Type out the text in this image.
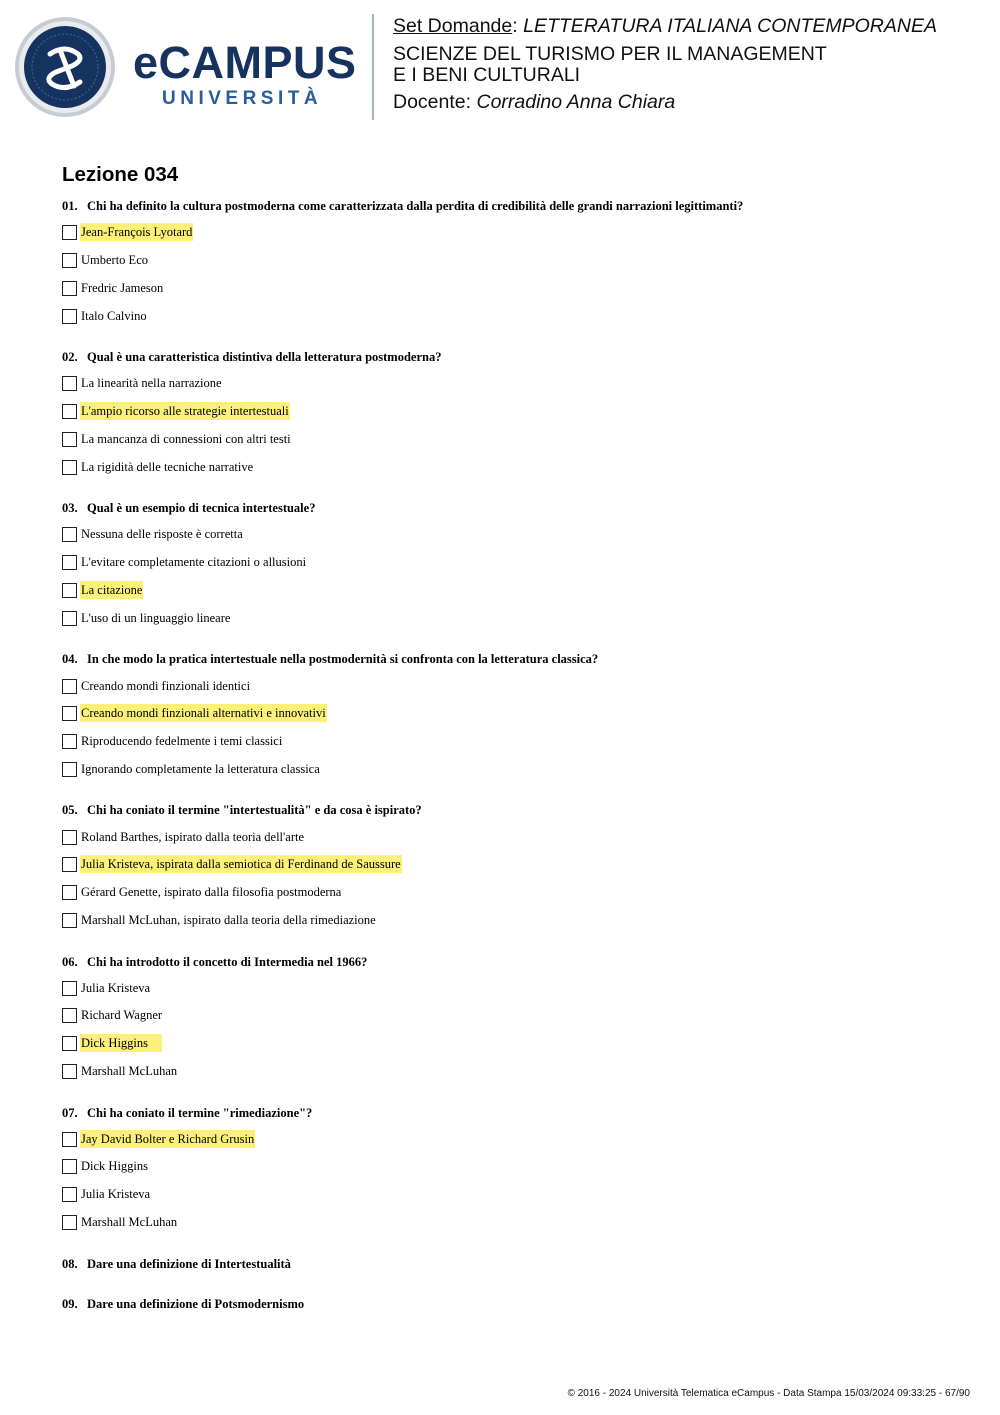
eCAMPUS
UNIVERSITÀ
Set Domande: LETTERATURA ITALIANA CONTEMPORANEA
SCIENZE DEL TURISMO PER IL MANAGEMENT
E I BENI CULTURALI
Docente: Corradino Anna Chiara
Lezione 034
01. Chi ha definito la cultura postmoderna come caratterizzata dalla perdita di credibilità delle grandi narrazioni legittimanti?
Jean-François Lyotard
Umberto Eco
Fredric Jameson
Italo Calvino
02. Qual è una caratteristica distintiva della letteratura postmoderna?
La linearità nella narrazione
L'ampio ricorso alle strategie intertestuali
La mancanza di connessioni con altri testi
La rigidità delle tecniche narrative
03. Qual è un esempio di tecnica intertestuale?
Nessuna delle risposte è corretta
L'evitare completamente citazioni o allusioni
La citazione
L'uso di un linguaggio lineare
04. In che modo la pratica intertestuale nella postmodernità si confronta con la letteratura classica?
Creando mondi finzionali identici
Creando mondi finzionali alternativi e innovativi
Riproducendo fedelmente i temi classici
Ignorando completamente la letteratura classica
05. Chi ha coniato il termine "intertestualità" e da cosa è ispirato?
Roland Barthes, ispirato dalla teoria dell'arte
Julia Kristeva, ispirata dalla semiotica di Ferdinand de Saussure
Gérard Genette, ispirato dalla filosofia postmoderna
Marshall McLuhan, ispirato dalla teoria della rimediazione
06. Chi ha introdotto il concetto di Intermedia nel 1966?
Julia Kristeva
Richard Wagner
Dick Higgins
Marshall McLuhan
07. Chi ha coniato il termine "rimediazione"?
Jay David Bolter e Richard Grusin
Dick Higgins
Julia Kristeva
Marshall McLuhan
08. Dare una definizione di Intertestualità
09. Dare una definizione di Potsmodernismo
© 2016 - 2024 Università Telematica eCampus - Data Stampa 15/03/2024 09:33:25 - 67/90
